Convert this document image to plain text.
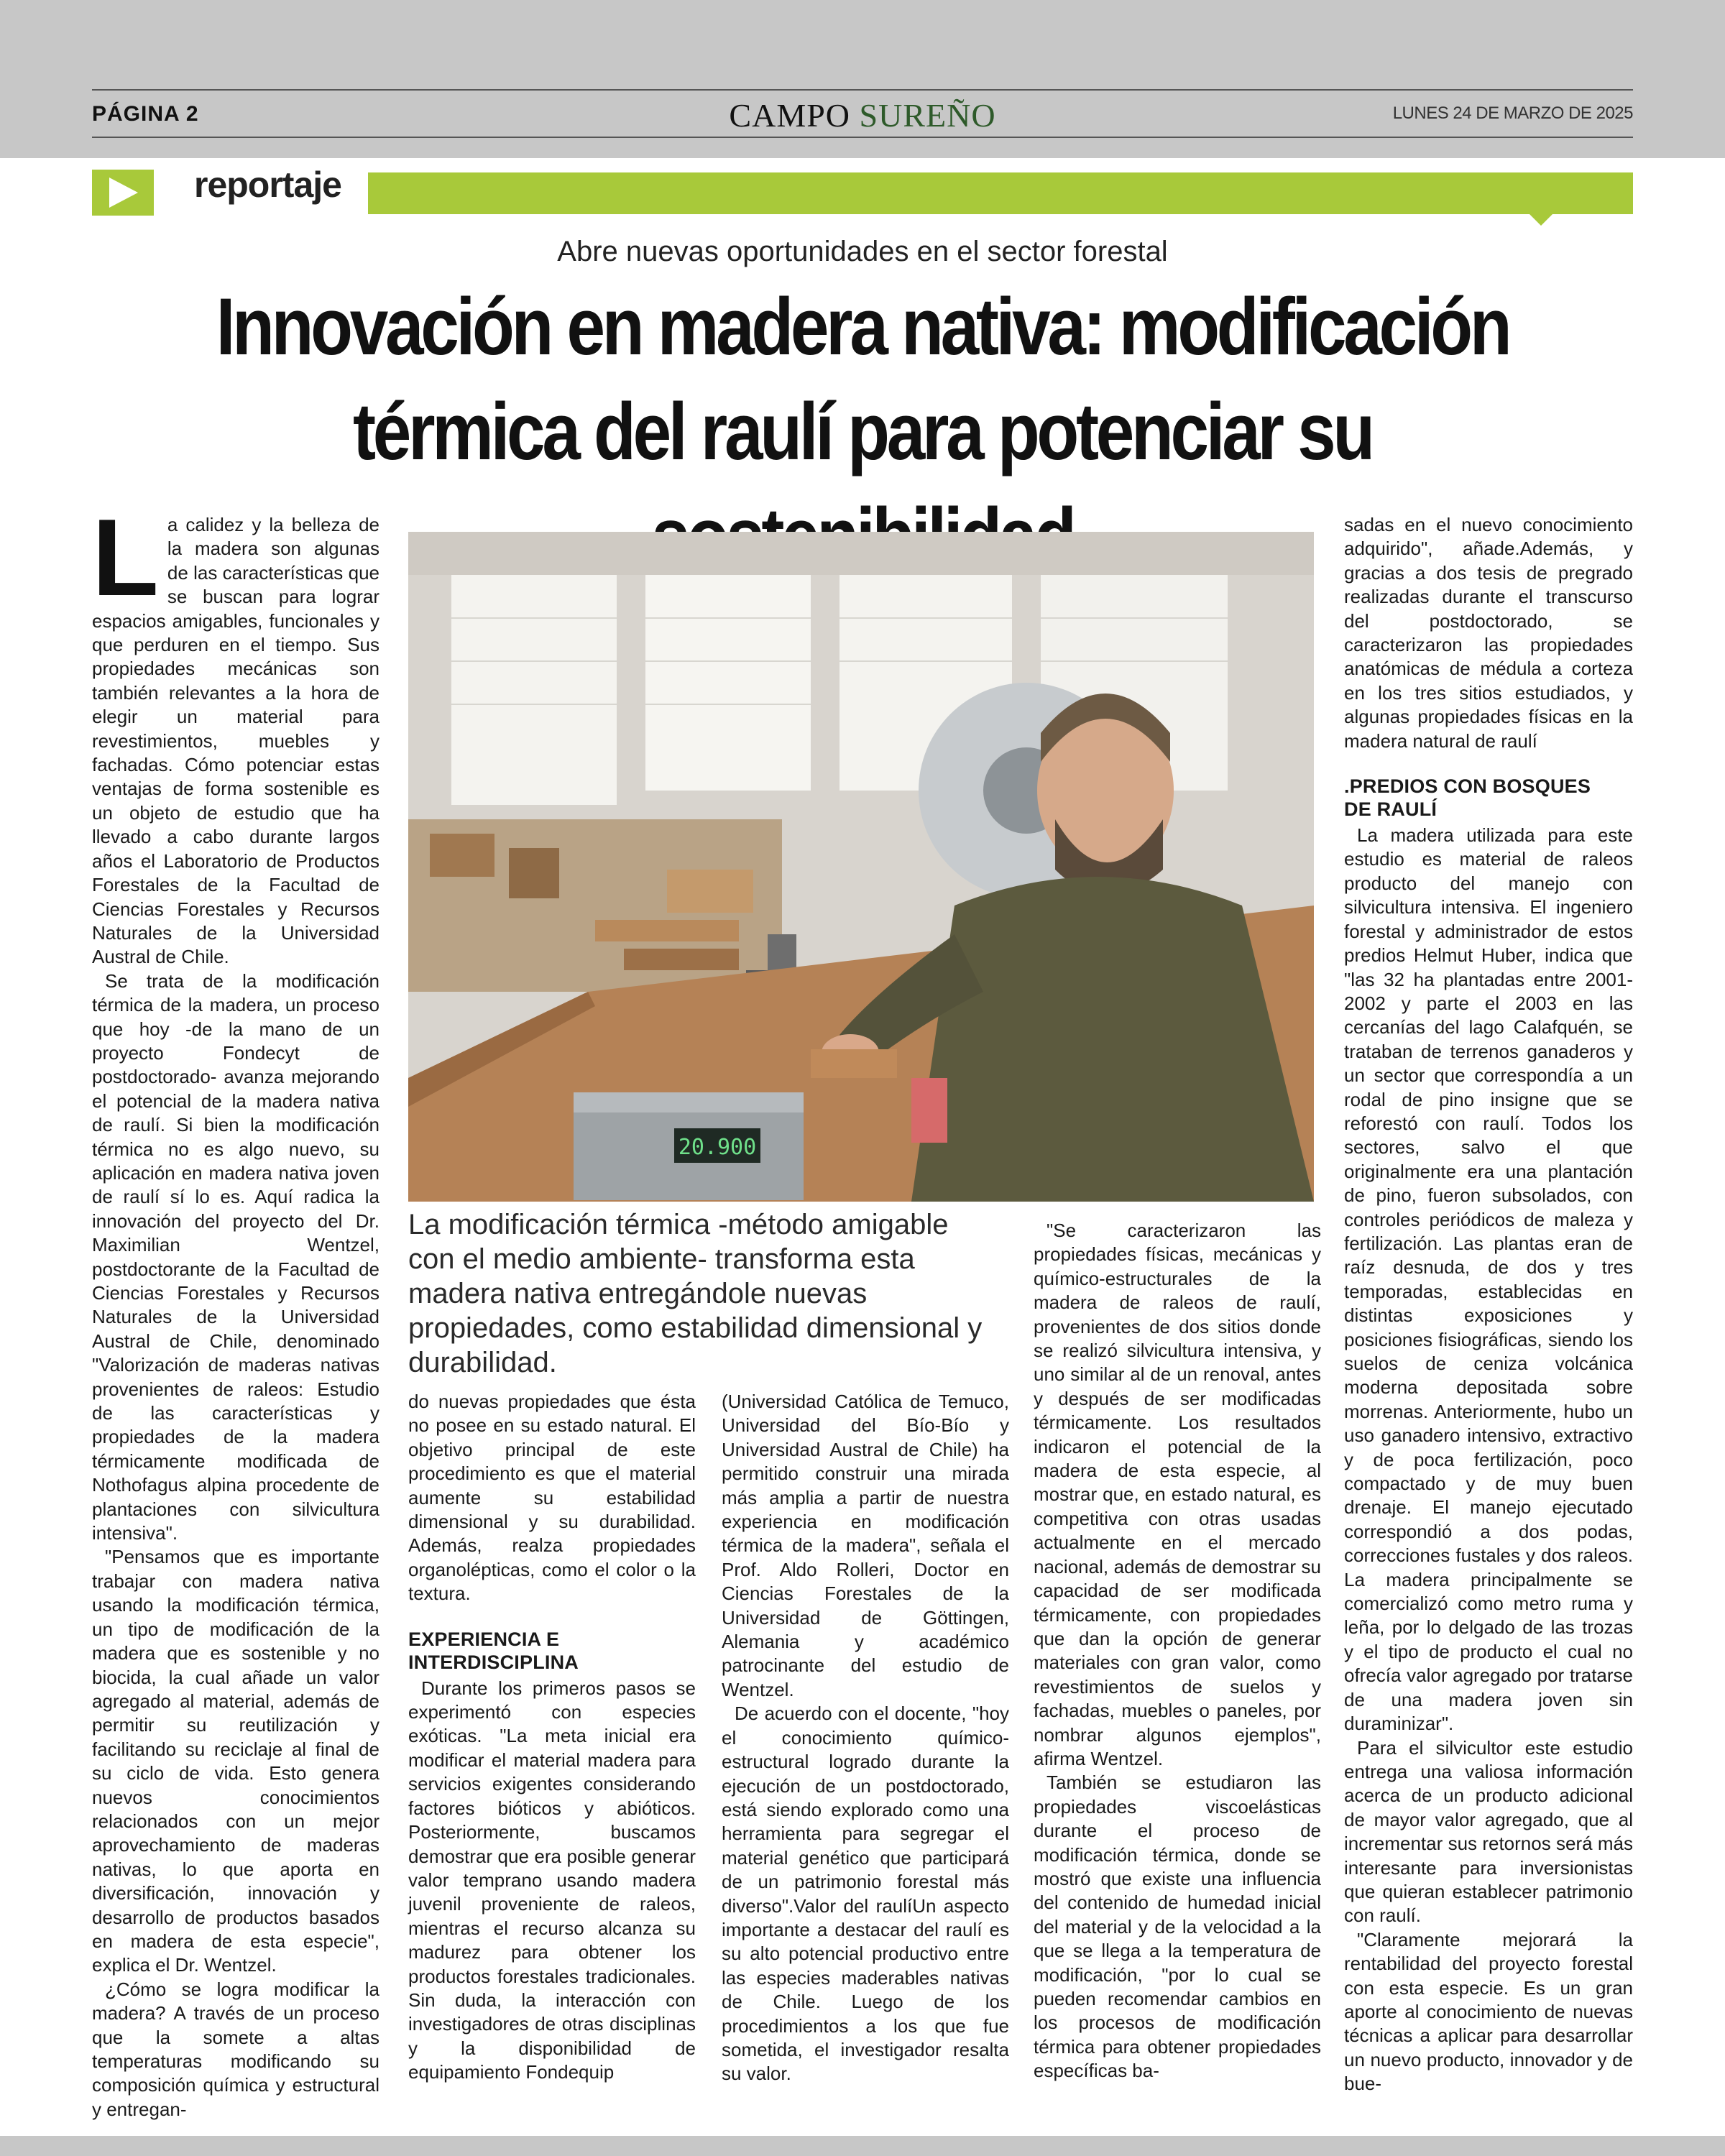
PÁGINA 2	CAMPO SUREÑO	LUNES 24 DE MARZO DE 2025
reportaje
Abre nuevas oportunidades en el sector forestal
Innovación en madera nativa: modificación
térmica del raulí para potenciar su
L a calidez y la belleza de la madera son algunas de las características que se buscan para lograr espacios amigables, funcionales y que perduren en el tiempo. Sus propiedades mecánicas son también relevantes a la hora de elegir un material para revestimientos, muebles y fachadas. Cómo potenciar estas ventajas de forma sostenible es un objeto de estudio que ha llevado a cabo durante largos años el Laboratorio de Productos Forestales de la Facultad de Ciencias Forestales y Recursos Naturales de la Universidad Austral de Chile.

Se trata de la modificación térmica de la madera, un proceso que hoy -de la mano de un proyecto Fondecyt de postdoctorado- avanza mejorando el potencial de la madera nativa de raulí. Si bien la modificación térmica no es algo nuevo, su aplicación en madera nativa joven de raulí sí lo es. Aquí radica la innovación del proyecto del Dr. Maximilian Wentzel, postdoctorante de la Facultad de Ciencias Forestales y Recursos Naturales de la Universidad Austral de Chile, denominado "Valorización de maderas nativas provenientes de raleos: Estudio de las características y propiedades de la madera térmicamente modificada de Nothofagus alpina procedente de plantaciones con silvicultura intensiva".

"Pensamos que es importante trabajar con madera nativa usando la modificación térmica, un tipo de modificación de la madera que es sostenible y no biocida, la cual añade un valor agregado al material, además de permitir su reutilización y facilitando su reciclaje al final de su ciclo de vida. Esto genera nuevos conocimientos relacionados con un mejor aprovechamiento de maderas nativas, lo que aporta en diversificación, innovación y desarrollo de productos basados en madera de esta especie", explica el Dr. Wentzel.

¿Cómo se logra modificar la madera? A través de un proceso que la somete a altas temperaturas modificando su composición química y estructural y entregan-

20.900
La modificación térmica -método amigable con el medio ambiente- transforma esta madera nativa entregándole nuevas propiedades, como estabilidad dimensional y durabilidad.

do nuevas propiedades que ésta no posee en su estado natural. El objetivo principal de este procedimiento es que el material aumente su estabilidad dimensional y su durabilidad. Además, realza propiedades organolépticas, como el color o la textura.

EXPERIENCIA E
INTERDISCIPLINA

Durante los primeros pasos se experimentó con especies exóticas. "La meta inicial era modificar el material madera para servicios exigentes considerando factores bióticos y abióticos. Posteriormente, buscamos demostrar que era posible generar valor temprano usando madera juvenil proveniente de raleos, mientras el recurso alcanza su madurez para obtener los productos forestales tradicionales. Sin duda, la interacción con investigadores de otras disciplinas y la disponibilidad de equipamiento Fondequip

(Universidad Católica de Temuco, Universidad del Bío-Bío y Universidad Austral de Chile) ha permitido construir una mirada más amplia a partir de nuestra experiencia en modificación térmica de la madera", señala el Prof. Aldo Rolleri, Doctor en Ciencias Forestales de la Universidad de Göttingen, Alemania y académico patrocinante del estudio de Wentzel.

De acuerdo con el docente, "hoy el conocimiento químico-estructural logrado durante la ejecución de un postdoctorado, está siendo explorado como una herramienta para segregar el material genético que participará de un patrimonio forestal más diverso".Valor del raulíUn aspecto importante a destacar del raulí es su alto potencial productivo entre las especies maderables nativas de Chile. Luego de los procedimientos a los que fue sometida, el investigador resalta su valor.

"Se caracterizaron las propiedades físicas, mecánicas y químico-estructurales de la madera de raleos de raulí, provenientes de dos sitios donde se realizó silvicultura intensiva, y uno similar al de un renoval, antes y después de ser modificadas térmicamente. Los resultados indicaron el potencial de la madera de esta especie, al mostrar que, en estado natural, es competitiva con otras usadas actualmente en el mercado nacional, además de demostrar su capacidad de ser modificada térmicamente, con propiedades que dan la opción de generar materiales con gran valor, como revestimientos de suelos y fachadas, muebles o paneles, por nombrar algunos ejemplos", afirma Wentzel.

También se estudiaron las propiedades viscoelásticas durante el proceso de modificación térmica, donde se mostró que existe una influencia del contenido de humedad inicial del material y de la velocidad a la que se llega a la temperatura de modificación, "por lo cual se pueden recomendar cambios en los procesos de modificación térmica para obtener propiedades específicas ba-

sadas en el nuevo conocimiento adquirido", añade.Además, y gracias a dos tesis de pregrado realizadas durante el transcurso del postdoctorado, se caracterizaron las propiedades anatómicas de médula a corteza en los tres sitios estudiados, y algunas propiedades físicas en la madera natural de raulí

.PREDIOS CON BOSQUES
DE RAULÍ

La madera utilizada para este estudio es material de raleos producto del manejo con silvicultura intensiva. El ingeniero forestal y administrador de estos predios Helmut Huber, indica que "las 32 ha plantadas entre 2001-2002 y parte el 2003 en las cercanías del lago Calafquén, se trataban de terrenos ganaderos y un sector que correspondía a un rodal de pino insigne que se reforestó con raulí. Todos los sectores, salvo el que originalmente era una plantación de pino, fueron subsolados, con controles periódicos de maleza y fertilización. Las plantas eran de raíz desnuda, de dos y tres temporadas, establecidas en distintas exposiciones y posiciones fisiográficas, siendo los suelos de ceniza volcánica moderna depositada sobre morrenas. Anteriormente, hubo un uso ganadero intensivo, extractivo y de poca fertilización, poco compactado y de muy buen drenaje. El manejo ejecutado correspondió a dos podas, correcciones fustales y dos raleos. La madera principalmente se comercializó como metro ruma y leña, por lo delgado de las trozas y el tipo de producto el cual no ofrecía valor agregado por tratarse de una madera joven sin duraminizar".

Para el silvicultor este estudio entrega una valiosa información acerca de un producto adicional de mayor valor agregado, que al incrementar sus retornos será más interesante para inversionistas que quieran establecer patrimonio con raulí.

"Claramente mejorará la rentabilidad del proyecto forestal con esta especie. Es un gran aporte al conocimiento de nuevas técnicas a aplicar para desarrollar un nuevo producto, innovador y de bue-
